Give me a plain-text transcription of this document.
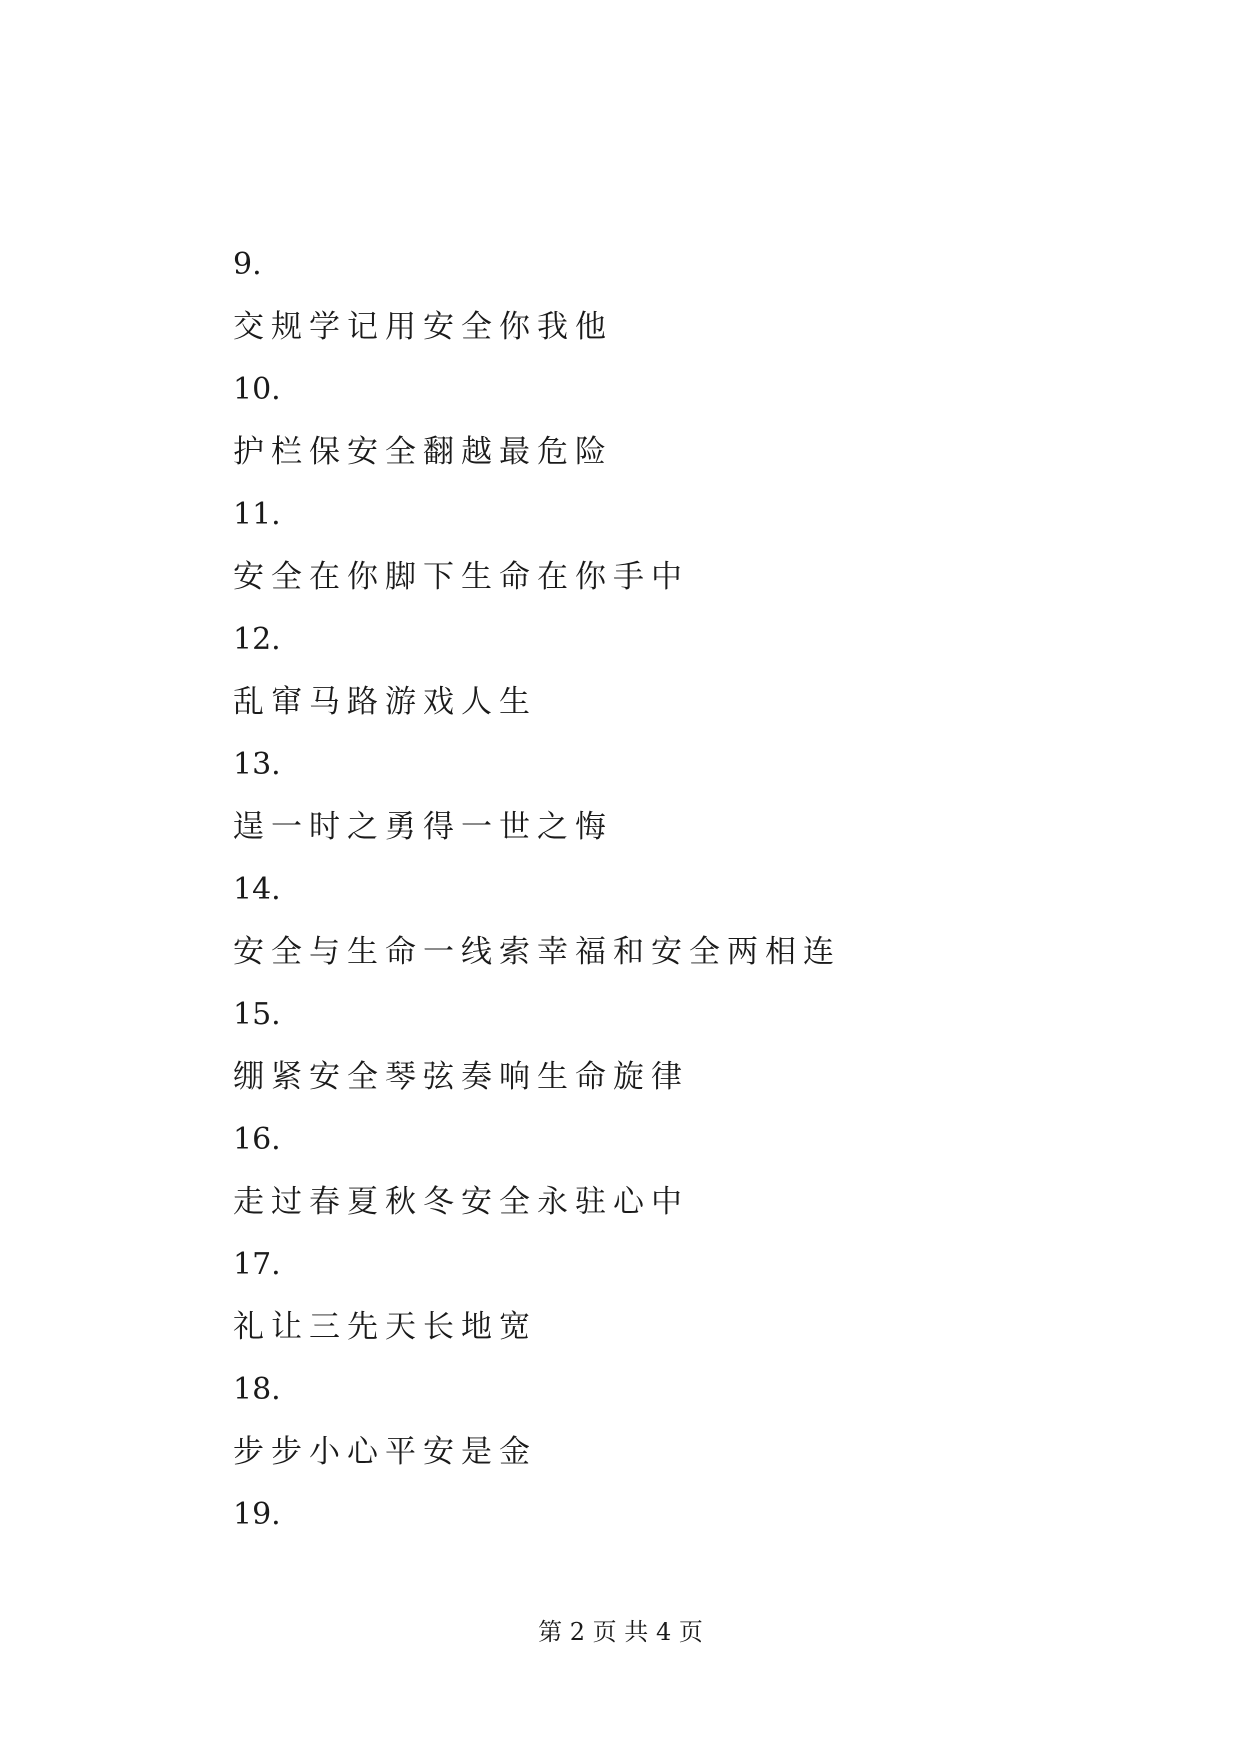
9.
交规学记用安全你我他
10.
护栏保安全翻越最危险
11.
安全在你脚下生命在你手中
12.
乱窜马路游戏人生
13.
逞一时之勇得一世之悔
14.
安全与生命一线索幸福和安全两相连
15.
绷紧安全琴弦奏响生命旋律
16.
走过春夏秋冬安全永驻心中
17.
礼让三先天长地宽
18.
步步小心平安是金
19.
第 2 页 共 4 页
